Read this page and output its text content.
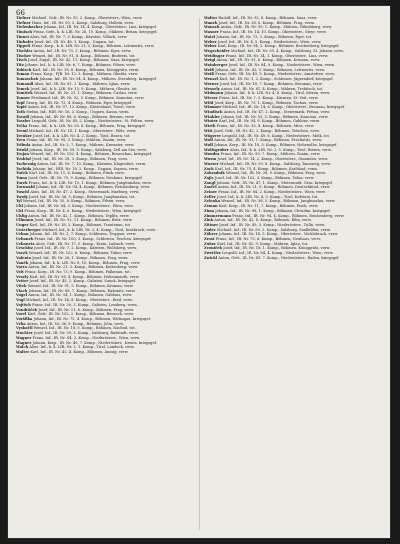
66

Tiefner Michael, Gefr., IR. Nr. 59, 2. Komp., Oberösterr., Wien, verw.

Tiefner Hans, Inf., IR. Nr. 59, 3. Komp., Salzburg, Hallein, verw.

Tiefenbacher Johann, Inf., IR. Nr. 14, 4. Komp., Oberösterr., Linz, kriegsgef.

Timisch Franz, Gefr., k. k. LIR. Nr. 26, 10. Komp., Mähren, Brünn, kriegsgef.

Tinnei Alois, Inf., IR. Nr. 7, 3. Komp., Kärnten, Villach, verw.

Tinhofer Josef, Inf., IR. Nr. 48, 1. Komp., Ungarn, tot.

Tippelt Franz, Korp., k. k. LIR. Nr. 21, 5. Komp., Böhmen, Leitmeritz, verw.

Tischler Anton, Inf., IR. Nr. 73, 2. Komp., Böhmen, Eger, verw.

Tischer Wenzel, Inf., IR. Nr. 91, 8. Komp., Böhmen, Budweis, tot.

Tisch Josef, Zugsf., IR. Nr. 42, 11. Komp., Böhmen, Saaz, kriegsgef.

Titz Johann, Inf., k. k. LIR. Nr. 6, 7. Komp., Böhmen, Pilsen, verw.

Tobisch Karl, Inf., IR. Nr. 18, 6. Komp., Böhmen, Königgrätz, verm.

Toman Franz, Korp., FJB. Nr. 12, 3. Komp., Mähren, Olmütz, verw.

Tomaschek Johann, Inf., IR. Nr. 54, 4. Komp., Mähren, Sternberg, kriegsgef.

Tomandl Alois, Inf., IR. Nr. 81, 2. Komp., Mähren, Iglau, verw.

Tomek Josef, Inf., k. k. LIR. Nr. 13, 9. Komp., Mähren, Olmütz, tot.

Tomiček Wenzel, Inf., IR. Nr. 21, 1. Komp., Böhmen, Časlau, verw.

Tonner Ferdinand, Inf., IR. Nr. 92, 5. Komp., Böhmen, Komotau, verw.

Topf Georg, Inf., IR. Nr. 73, 4. Komp., Böhmen, Eger, kriegsgef.

Topič Anton, Inf., IR. Nr. 97, 12. Komp., Küstenland, Triest, verw.

Toth Stefan, Inf., HIR. Nr. 16, 3. Komp., Ungarn, Kassa, verm.

Traudl Johann, Inf., IR. Nr. 88, 6. Komp., Böhmen, Beraun, verw.

Traxler Leopold, Gefr., IR. Nr. 49, 2. Komp., Niederösterr., St. Pölten, verw.

Trčka Franz, Inf., k. k. LIR. Nr. 28, 8. Komp., Böhmen, Prag, kriegsgef.

Treml Michael, Inf., IR. Nr. 14, 1. Komp., Oberösterr., Wels, verw.

Trenker Josef, Inf., k. k. LIR. Nr. 4, 2. Komp., Tirol, Bozen, tot.

Treu Franz, Inf., IR. Nr. 99, 3. Komp., Mähren, Znaim, verw.

Tribula Anton, Inf., IR. Nr. 3, 7. Komp., Mähren, Kremsier, verw.

Trinkl Johann, Korp., IR. Nr. 59, 5. Komp., Salzburg, Zell am See, verw.

Trojan Wenzel, Inf., IR. Nr. 102, 4. Komp., Böhmen, Beneschau, kriegsgef.

Truhlař Josef, Inf., IR. Nr. 28, 3. Komp., Böhmen, Prag, verw.

Tschernig Anton, Inf., IR. Nr. 7, 10. Komp., Kärnten, Klagenfurt, verm.

Tschida Johann, Inf., HIR. Nr. 18, 2. Komp., Ungarn, Sopron, verw.

Tuček Karl, Inf., IR. Nr. 11, 6. Komp., Böhmen, Pisek, verw.

Tuma Josef, Gefr., IR. Nr. 75, 9. Komp., Böhmen, Neuhaus, kriegsgef.

Turek Franz, Inf., k. k. LIR. Nr. 10, 1. Komp., Böhmen, Jungbunzlau, verw.

Turnwald Johann, Inf., IR. Nr. 94, 4. Komp., Böhmen, Reichenberg, verw.

Tuschl Alois, Inf., IR. Nr. 47, 2. Komp., Steiermark, Marburg, verw.

Twrdy Josef, Inf., IR. Nr. 36, 5. Komp., Böhmen, Jungbunzlau, tot.

Tyl Wenzel, Inf., IR. Nr. 35, 8. Komp., Böhmen, Pilsen, verw.

Ubl Johann, Inf., IR. Nr. 84, 3. Komp., Niederösterr., Wien, verw.

Uhl Franz, Korp., IR. Nr. 4, 6. Komp., Niederösterr., Wien, kriegsgef.

Uhlig Anton, Inf., IR. Nr. 42, 1. Komp., Böhmen, Teplitz, verw.

Ullmann Josef, Inf., IR. Nr. 92, 11. Komp., Böhmen, Brüx, verw.

Unger Karl, Inf., IR. Nr. 18, 2. Komp., Böhmen, Trautenau, tot.

Unterberger Michael, Inf., k. k. LIR. Nr. 2, 4. Komp., Tirol, Innsbruck, verw.

Urban Johann, Inf., IR. Nr. 1, 7. Komp., Schlesien, Troppau, verw.

Urbanek Franz, Inf., IR. Nr. 100, 3. Komp., Schlesien, Teschen, kriegsgef.

Urbanetz Alois, Gefr., IR. Nr. 17, 5. Komp., Krain, Laibach, verw.

Urschitz Josef, Inf., IR. Nr. 7, 2. Komp., Kärnten, Wolfsberg, verw.

Vacek Wenzel, Inf., IR. Nr. 102, 6. Komp., Böhmen, Tabor, verw.

Valenta Josef, Inf., IR. Nr. 28, 1. Komp., Böhmen, Prag, verm.

Vaněk Johann, Inf., k. k. LIR. Nr. 8, 10. Komp., Böhmen, Prag, verw.

Vavra Anton, Inf., IR. Nr. 21, 3. Komp., Böhmen, Kuttenberg, verw.

Veit Franz, Korp., IR. Nr. 73, 9. Komp., Böhmen, Falkenau, tot.

Veselý Karl, Inf., IR. Nr. 98, 4. Komp., Böhmen, Hohenmauth, verw.

Vetter Josef, Inf., IR. Nr. 45, 2. Komp., Galizien, Sanok, kriegsgef.

Vitek Wenzel, Inf., IR. Nr. 91, 5. Komp., Böhmen, Krumau, verw.

Vlach Johann, Inf., IR. Nr. 88, 7. Komp., Böhmen, Rakonitz, verw.

Vogel Anton, Inf., IR. Nr. 94, 1. Komp., Böhmen, Gablonz, verw.

Vogl Michael, Inf., IR. Nr. 14, 8. Komp., Oberösterr., Ried, verw.

Vojtěch Franz, Inf., IR. Nr. 30, 3. Komp., Galizien, Lemberg, verm.

Vondráček Josef, Inf., IR. Nr. 11, 6. Komp., Böhmen, Prag, verw.

Vorel Karl, Gefr., IR. Nr. 102, 2. Komp., Böhmen, Benesch, verw.

Voršilka Johann, Inf., IR. Nr. 75, 4. Komp., Böhmen, Wittingau, kriegsgef.

Vrba Anton, Inf., IR. Nr. 36, 9. Komp., Böhmen, Jičin, verw.

Vyskočil Wenzel, Inf., IR. Nr. 18, 5. Komp., Böhmen, Nachod, tot.

Wachter Josef, Inf., IR. Nr. 59, 3. Komp., Salzburg, Radstadt, verw.

Wagner Franz, Inf., IR. Nr. 84, 2. Komp., Niederösterr., Wien, verw.

Wagner Johann, Korp., IR. Nr. 49, 7. Komp., Niederösterr., Krems, kriegsgef.

Walch Alois, Inf., k. k. LIR. Nr. 2, 1. Komp., Tirol, Landeck, verw.

Walter Karl, Inf., IR. Nr. 42, 4. Komp., Böhmen, Aussig, verw.

Walter Rudolf, Inf., IR. Nr. 92, 8. Komp., Böhmen, Saaz, verw.

Wanek Josef, Inf., IR. Nr. 28, 6. Komp., Böhmen, Prag, verm.

Wansch Anton, Gefr., IR. Nr. 99, 1. Komp., Mähren, Nikolsburg, verw.

Wasner Franz, Inf., IR. Nr. 14, 10. Komp., Oberösterr., Steyr, verw.

Watzl Johann, Inf., IR. Nr. 73, 3. Komp., Böhmen, Eger, tot.

Weber Josef, Inf., IR. Nr. 4, 5. Komp., Niederösterr., Wien, verw.

Weber Karl, Korp., IR. Nr. 94, 2. Komp., Böhmen, Reichenberg, kriegsgef.

Wegscheider Michael, Inf., IR. Nr. 59, 4. Komp., Salzburg, St. Johann, verw.

Weidinger Franz, Inf., IR. Nr. 14, 1. Komp., Oberösterr., Linz, verw.

Weigl Anton, Inf., IR. Nr. 91, 6. Komp., Böhmen, Krumau, verw.

Weinberger Josef, Inf., IR. Nr. 84, 9. Komp., Niederösterr., Wien, verm.

Weiß Johann, Inf., IR. Nr. 42, 3. Komp., Böhmen, Leitmeritz, verw.

Weiß Franz, Gefr., IR. Nr. 49, 5. Komp., Niederösterr., Amstetten, verw.

Wenzel Karl, Inf., IR. Nr. 1, 2. Komp., Schlesien, Jägerndorf, kriegsgef.

Werner Josef, Inf., IR. Nr. 18, 7. Komp., Böhmen, Braunau, verw.

Wessely Anton, Inf., IR. Nr. 81, 4. Komp., Mähren, Trebitsch, tot.

Widmann Johann, Inf., k. k. LIR. Nr. 4, 8. Komp., Tirol, Meran, verw.

Wieser Franz, Inf., IR. Nr. 7, 3. Komp., Kärnten, St. Veit, verw.

Wild Josef, Korp., IR. Nr. 73, 1. Komp., Böhmen, Tachau, verw.

Wimmer Michael, Inf., IR. Nr. 14, 6. Komp., Oberösterr., Braunau, kriegsgef.

Windisch Anton, Inf., IR. Nr. 47, 2. Komp., Steiermark, Pettau, verw.

Winkler Johann, Inf., IR. Nr. 92, 5. Komp., Böhmen, Komotau, verw.

Winter Karl, Inf., IR. Nr. 94, 9. Komp., Böhmen, Gablonz, verm.

Wirth Franz, Inf., IR. Nr. 35, 4. Komp., Böhmen, Mies, verw.

Witt Josef, Gefr., IR. Nr. 42, 2. Komp., Böhmen, Tetschen, verw.

Wögerer Leopold, Inf., IR. Nr. 49, 6. Komp., Niederösterr., Melk, tot.

Wolf Anton, Inf., IR. Nr. 91, 1. Komp., Böhmen, Prachatitz, verw.

Wolf Johann, Korp., IR. Nr. 18, 3. Komp., Böhmen, Hohenelbe, kriegsgef.

Wolfsgruber Alois, Inf., k. k. LIR. Nr. 2, 5. Komp., Tirol, Brixen, verw.

Wondra Franz, Inf., IR. Nr. 99, 7. Komp., Mähren, Znaim, verw.

Wurm Josef, Inf., IR. Nr. 14, 2. Komp., Oberösterr., Gmunden, verw.

Wurzer Michael, Inf., IR. Nr. 59, 8. Komp., Salzburg, Tamsweg, verw.

Zach Karl, Inf., IR. Nr. 73, 4. Komp., Böhmen, Karlsbad, verm.

Zahradnik Wenzel, Inf., IR. Nr. 28, 9. Komp., Böhmen, Prag, verw.

Zajic Josef, Inf., IR. Nr. 102, 3. Komp., Böhmen, Tabor, verw.

Zangl Johann, Gefr., IR. Nr. 47, 1. Komp., Steiermark, Graz, kriegsgef.

Zavřel Anton, Inf., IR. Nr. 21, 6. Komp., Böhmen, Deutschbrod, verw.

Zeiner Franz, Inf., IR. Nr. 84, 2. Komp., Niederösterr., Wien, verw.

Zeller Josef, Inf., k. k. LIR. Nr. 4, 3. Komp., Tirol, Kufstein, tot.

Zelenka Wenzel, Inf., IR. Nr. 36, 5. Komp., Böhmen, Jungbunzlau, verw.

Zeman Karl, Korp., IR. Nr. 11, 7. Komp., Böhmen, Pisek, verw.

Zima Johann, Inf., IR. Nr. 98, 1. Komp., Böhmen, Chrudim, kriegsgef.

Zimmermann Franz, Inf., IR. Nr. 94, 4. Komp., Böhmen, Reichenberg, verw.

Zink Anton, Inf., IR. Nr. 42, 8. Komp., Böhmen, Bilin, verw.

Zittner Josef, Inf., IR. Nr. 49, 3. Komp., Niederösterr., Tulln, verw.

Zoder Michael, Inf., IR. Nr. 59, 2. Komp., Salzburg, Saalfelden, verm.

Zöhrer Johann, Inf., IR. Nr. 14, 5. Komp., Oberösterr., Vöcklabruck, verw.

Zrost Franz, Inf., IR. Nr. 75, 6. Komp., Böhmen, Neuhaus, verw.

Zuber Karl, Inf., IR. Nr. 81, 9. Komp., Mähren, Iglau, tot.

Zvoníček Josef, Inf., IR. Nr. 18, 1. Komp., Böhmen, Königgrätz, verw.

Zwettler Leopold, Inf., IR. Nr. 84, 4. Komp., Niederösterr., Wien, verw.

Zwickl Anton, Gefr., IR. Nr. 49, 7. Komp., Niederösterr., Baden, kriegsgef.
